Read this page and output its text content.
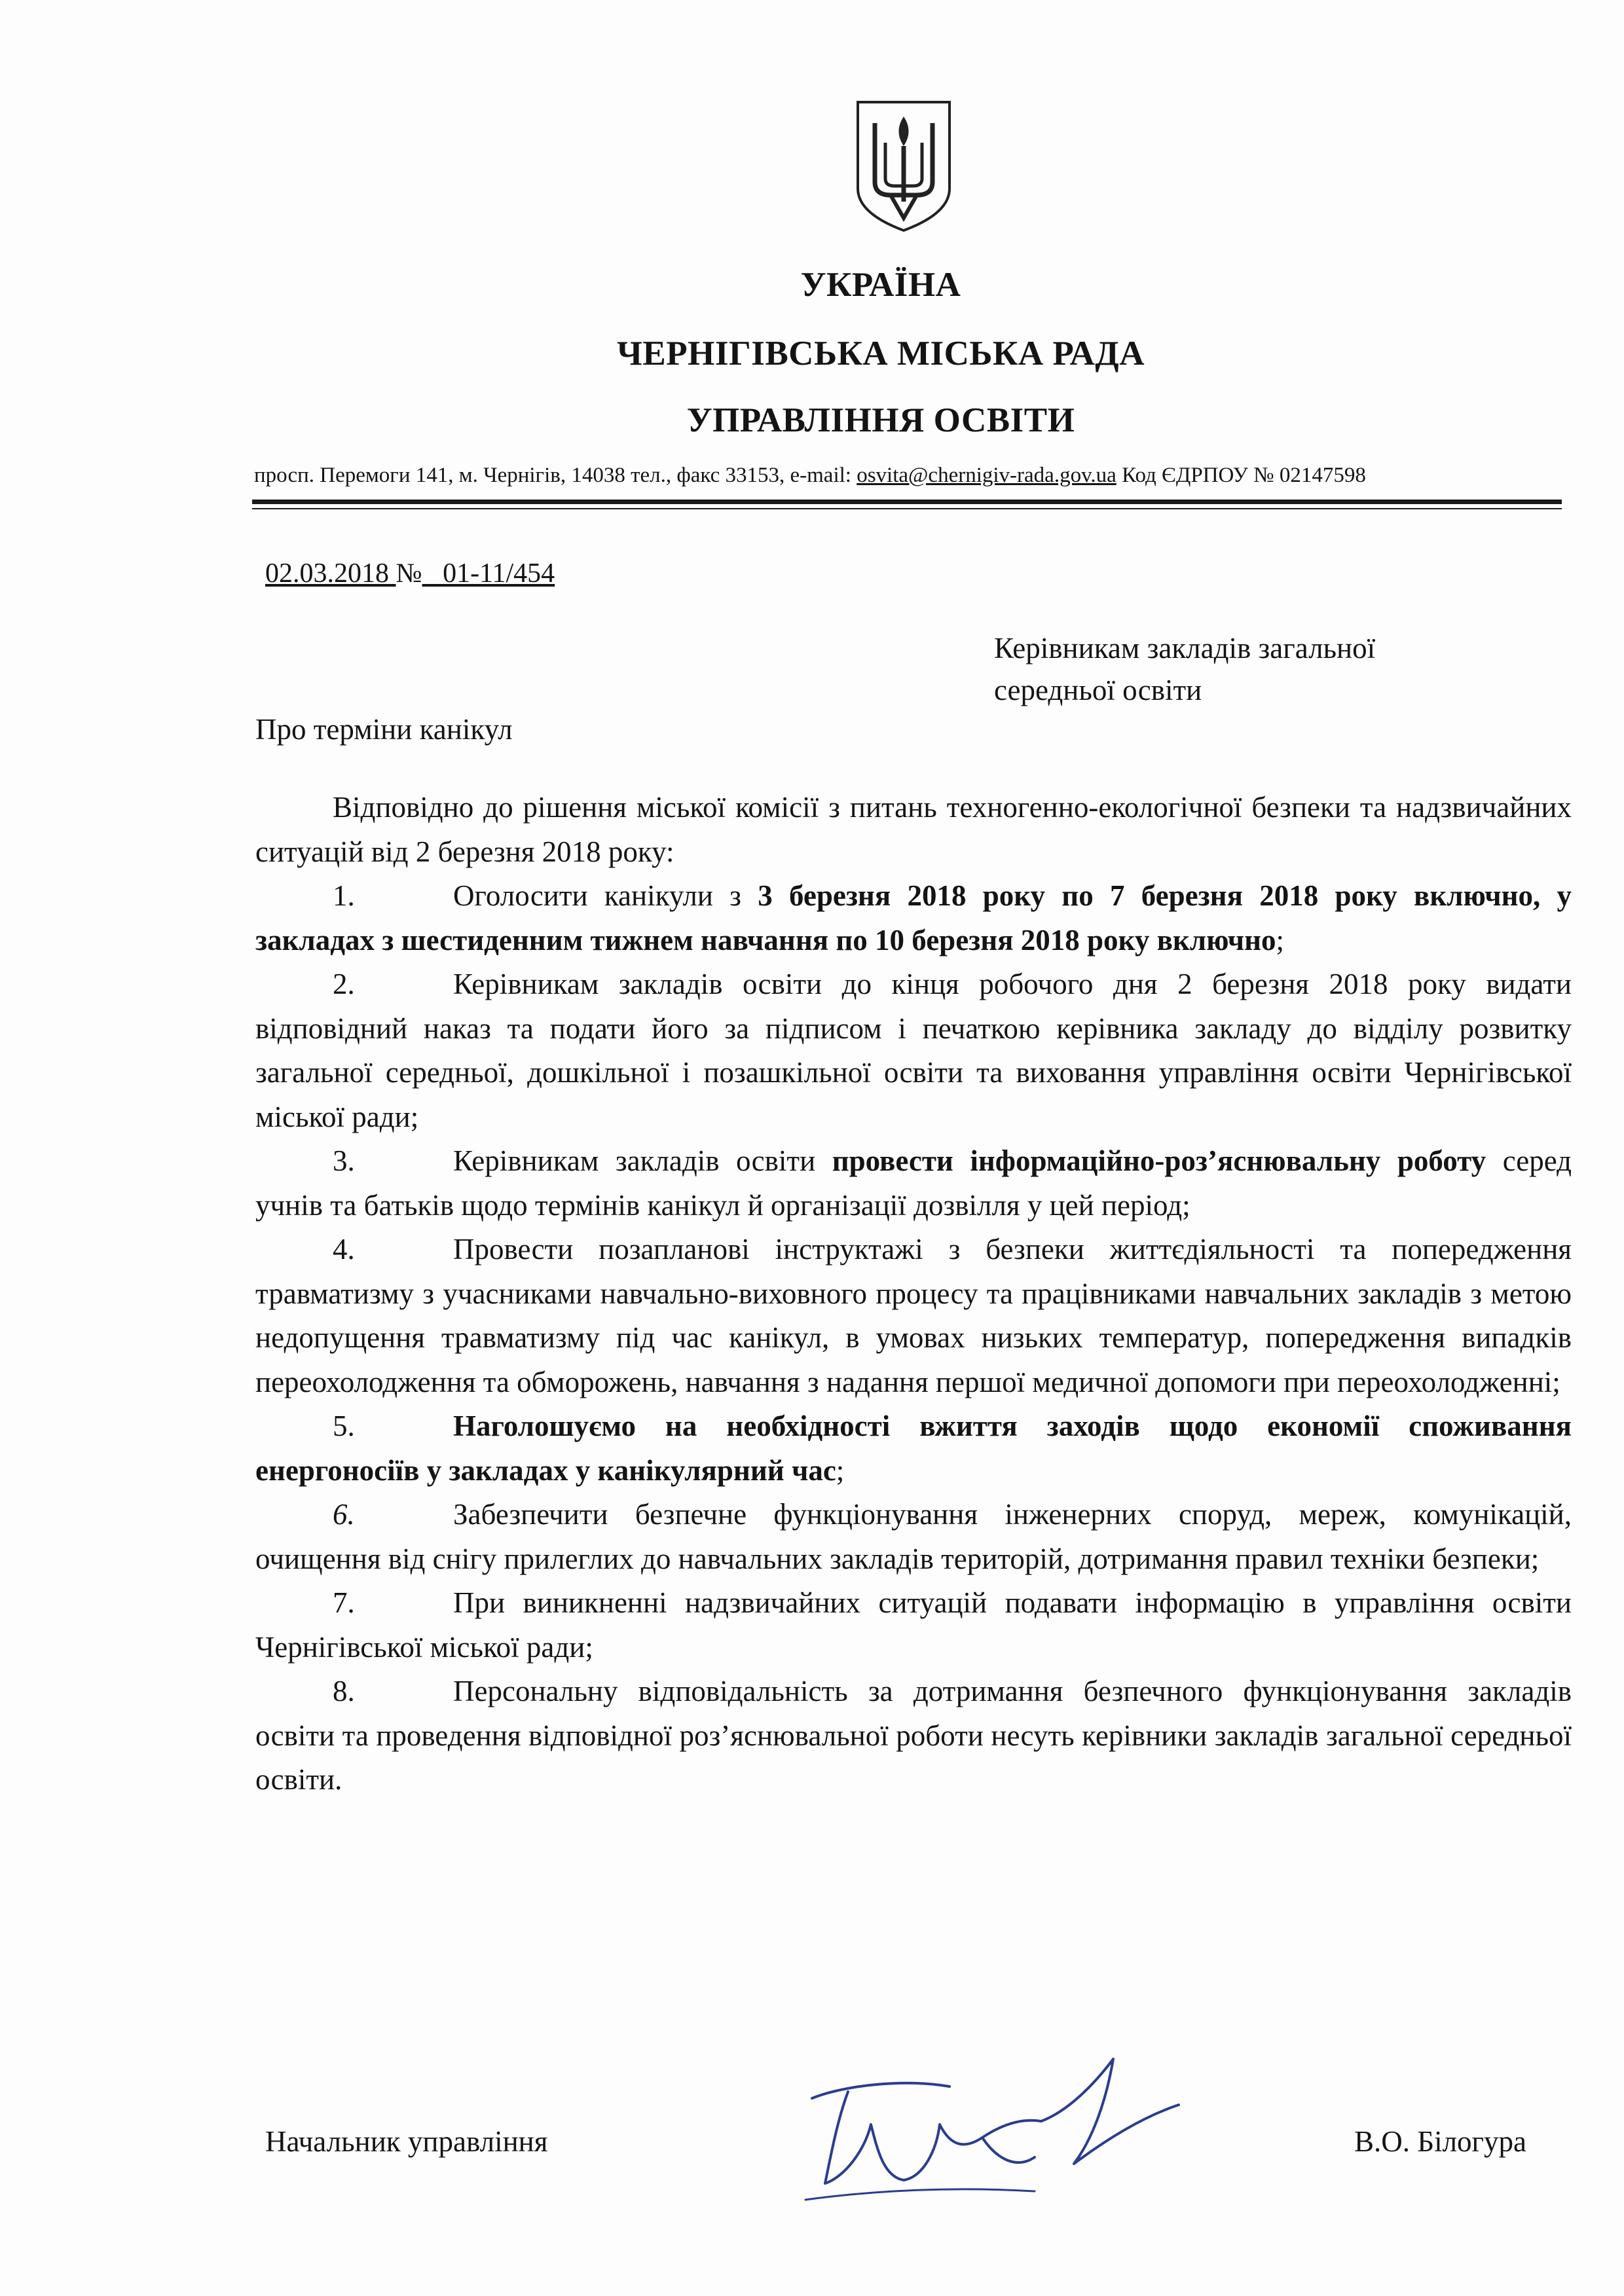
УКРАЇНА
ЧЕРНІГІВСЬКА МІСЬКА РАДА
УПРАВЛІННЯ ОСВІТИ
просп. Перемоги 141, м. Чернігів, 14038 тел., факс 33153, e-mail: osvita@chernigiv-rada.gov.ua Код ЄДРПОУ № 02147598
02.03.2018 № _01-11/454
Керівникам закладів загальної
середньої освіти
Про терміни канікул

Відповідно до рішення міської комісії з питань техногенно-екологічної безпеки та надзвичайних ситуацій від 2 березня 2018 року:

1.	Оголосити канікули з 3 березня 2018 року по 7 березня 2018 року включно, у закладах з шестиденним тижнем навчання по 10 березня 2018 року включно;

2.	Керівникам закладів освіти до кінця робочого дня 2 березня 2018 року видати відповідний наказ та подати його за підписом і печаткою керівника закладу до відділу розвитку загальної середньої, дошкільної і позашкільної освіти та виховання управління освіти Чернігівської міської ради;

3.	Керівникам закладів освіти провести інформаційно-роз’яснювальну роботу серед учнів та батьків щодо термінів канікул й організації дозвілля у цей період;

4.	Провести позапланові інструктажі з безпеки життєдіяльності та попередження травматизму з учасниками навчально-виховного процесу та працівниками навчальних закладів з метою недопущення травматизму під час канікул, в умовах низьких температур, попередження випадків переохолодження та обморожень, навчання з надання першої медичної допомоги при переохолодженні;

5.	Наголошуємо на необхідності вжиття заходів щодо економії споживання енергоносіїв у закладах у канікулярний час;

6.	Забезпечити безпечне функціонування інженерних споруд, мереж, комунікацій, очищення від снігу прилеглих до навчальних закладів територій, дотримання правил техніки безпеки;

7.	При виникненні надзвичайних ситуацій подавати інформацію в управління освіти Чернігівської міської ради;

8.	Персональну відповідальність за дотримання безпечного функціонування закладів освіти та проведення відповідної роз’яснювальної роботи несуть керівники закладів загальної середньої освіти.

Начальник управління	В.О. Білогура
